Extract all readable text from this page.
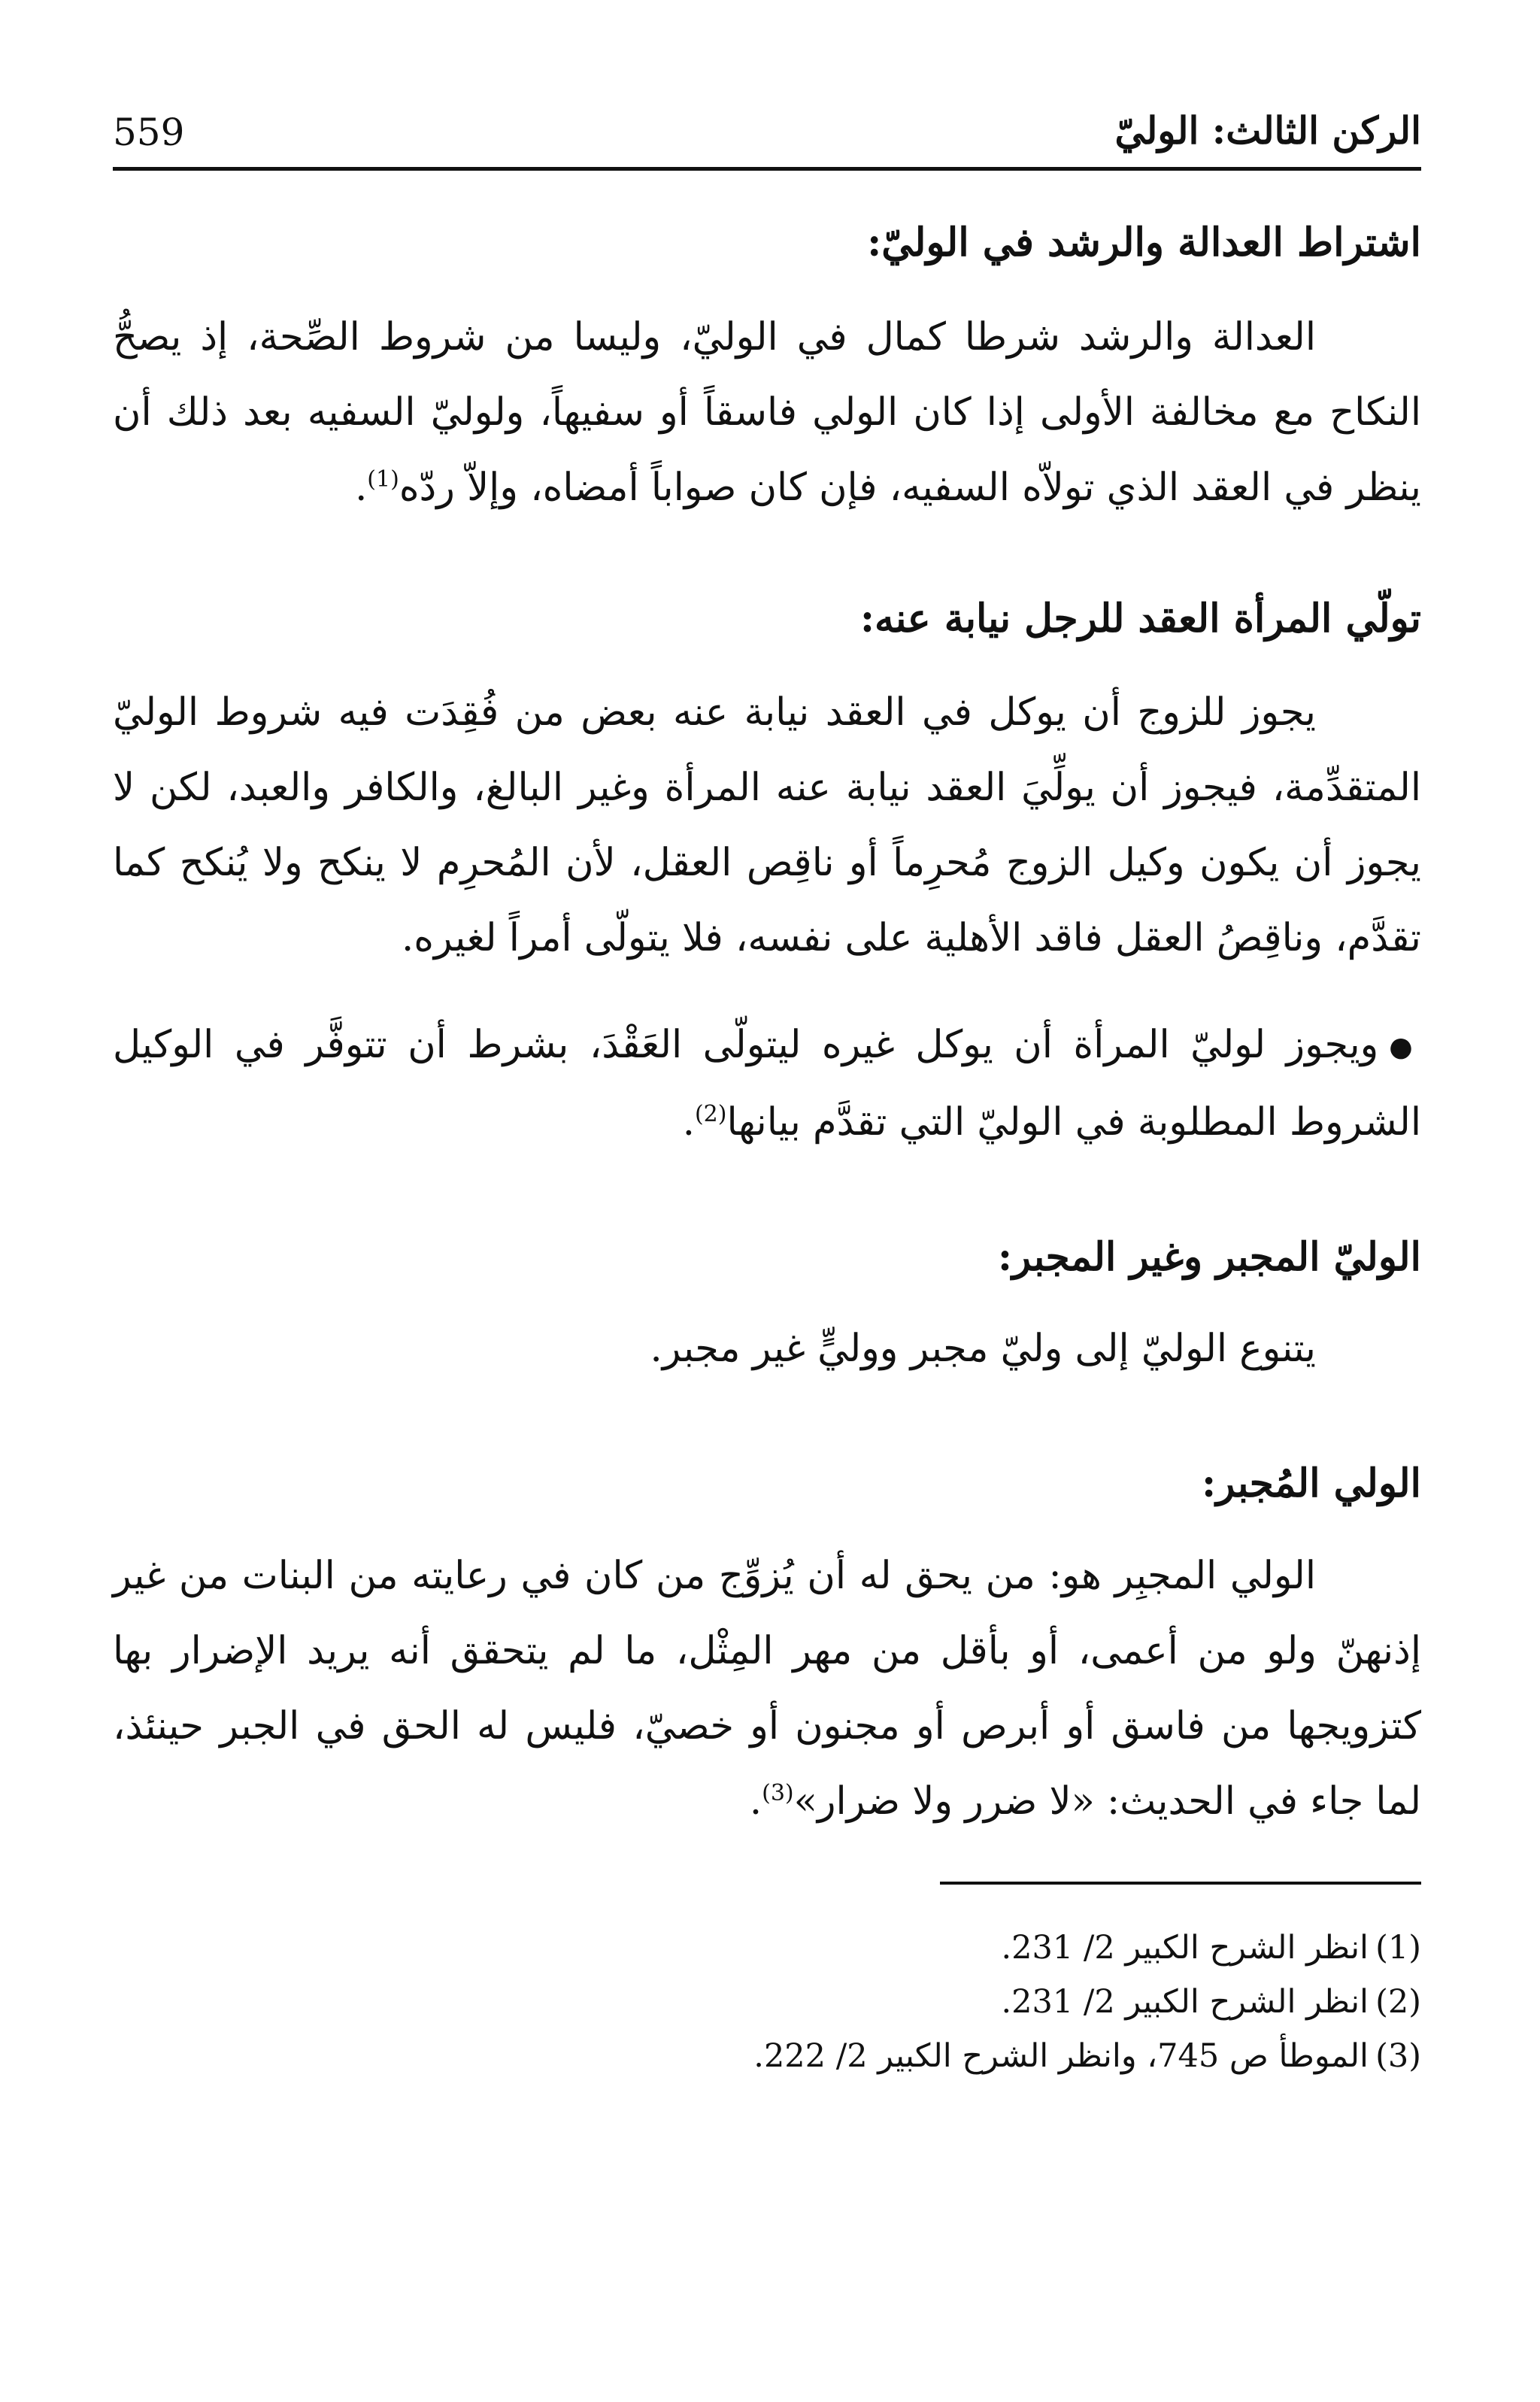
الركن الثالث: الوليّ
559
اشتراط العدالة والرشد في الوليّ:

العدالة والرشد شرطا كمال في الوليّ، وليسا من شروط الصِّحة، إذ يصحُّ النكاح مع مخالفة الأولى إذا كان الولي فاسقاً أو سفيهاً، ولوليّ السفيه بعد ذلك أن ينظر في العقد الذي تولاّه السفيه، فإن كان صواباً أمضاه، وإلاّ ردّه$^{(1)}$.

تولّي المرأة العقد للرجل نيابة عنه:

يجوز للزوج أن يوكل في العقد نيابة عنه بعض من فُقِدَت فيه شروط الوليّ المتقدِّمة، فيجوز أن يولِّيَ العقد نيابة عنه المرأة وغير البالغ، والكافر والعبد، لكن لا يجوز أن يكون وكيل الزوج مُحرِماً أو ناقِص العقل، لأن المُحرِم لا ينكح ولا يُنكح كما تقدَّم، وناقِصُ العقل فاقد الأهلية على نفسه، فلا يتولّى أمراً لغيره.

●ويجوز لوليّ المرأة أن يوكل غيره ليتولّى العَقْدَ، بشرط أن تتوفَّر في الوكيل الشروط المطلوبة في الوليّ التي تقدَّم بيانها$^{(2)}$.

الوليّ المجبر وغير المجبر:

يتنوع الوليّ إلى وليّ مجبر ووليٍّ غير مجبر.

الولي المُجبر:

الولي المجبِر هو: من يحق له أن يُزوِّج من كان في رعايته من البنات من غير إذنهنّ ولو من أعمى، أو بأقل من مهر المِثْل، ما لم يتحقق أنه يريد الإضرار بها كتزويجها من فاسق أو أبرص أو مجنون أو خصيّ، فليس له الحق في الجبر حينئذ، لما جاء في الحديث: «لا ضرر ولا ضرار»$^{(3)}$.

(1)انظر الشرح الكبير 2/ 231.
(2)انظر الشرح الكبير 2/ 231.
(3)الموطأ ص 745، وانظر الشرح الكبير 2/ 222.
